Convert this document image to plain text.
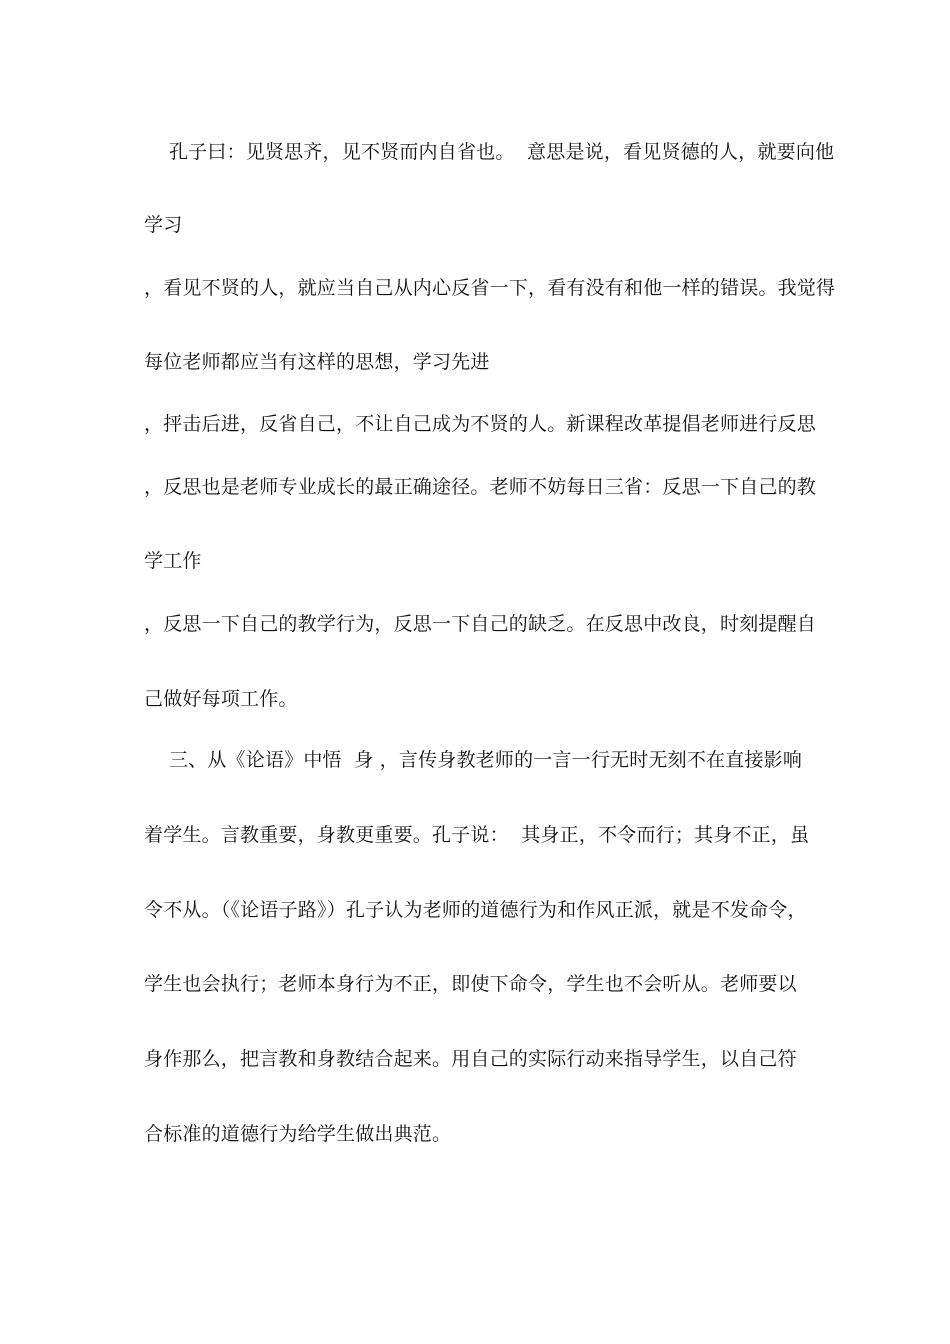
孔子曰：见贤思齐，见不贤而内自省也。  意思是说，看见贤德的人，就要向他
学习
，看见不贤的人，就应当自己从内心反省一下，看有没有和他一样的错误。我觉得
每位老师都应当有这样的思想，学习先进
，抨击后进，反省自己，不让自己成为不贤的人。新课程改革提倡老师进行反思
，反思也是老师专业成长的最正确途径。老师不妨每日三省：反思一下自己的教
学工作
，反思一下自己的教学行为，反思一下自己的缺乏。在反思中改良，时刻提醒自
己做好每项工作。
三、从《论语》中悟  身 ，言传身教老师的一言一行无时无刻不在直接影响
着学生。言教重要，身教更重要。孔子说：  其身正，不令而行；其身不正，虽
令不从。（《论语子路》）孔子认为老师的道德行为和作风正派，就是不发命令，
学生也会执行；老师本身行为不正，即使下命令，学生也不会听从。老师要以
身作那么，把言教和身教结合起来。用自己的实际行动来指导学生，以自己符
合标准的道德行为给学生做出典范。
